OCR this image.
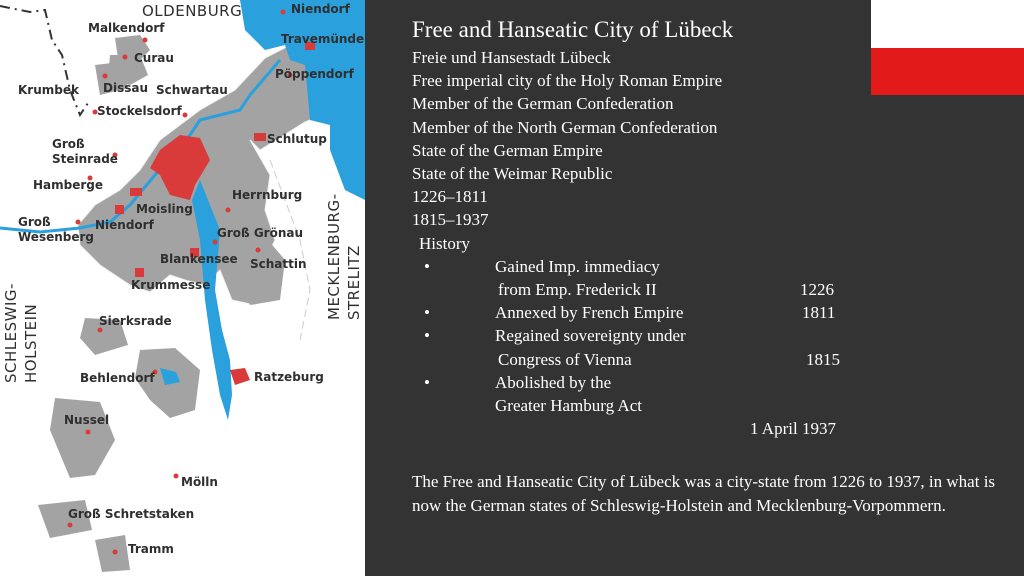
OLDENBURG
MECKLENBURG- STRELITZ
SCHLESWIG- HOLSTEIN
Niendorf
Malkendorf
Travemünde
Curau
Pöppendorf
Krumbek Dissau Schwartau
Stockelsdorf
Schlutup
Groß
Steinrade
Hamberge
Herrnburg
Groß
Wesenberg
Moisling
Niendorf
Groß Grönau
Blankensee Schattin
Krummesse
Sierksrade
Behlendorf	Ratzeburg
Nussel
Mölln
Groß Schretstaken
Tramm
Free and Hanseatic City of Lübeck
Freie und Hansestadt Lübeck
Free imperial city of the Holy Roman Empire
Member of the German Confederation
Member of the North German Confederation
State of the German Empire
State of the Weimar Republic
1226–1811
1815–1937
History
•	Gained Imp. immediacy
from Emp. Frederick II	1226
•	Annexed by French Empire	1811
•	Regained sovereignty under
Congress of Vienna	1815
•	Abolished by the
Greater Hamburg Act
1 April 1937
The Free and Hanseatic City of Lübeck was a city-state from 1226 to 1937, in what is now the German states of Schleswig-Holstein and Mecklenburg-Vorpommern.
